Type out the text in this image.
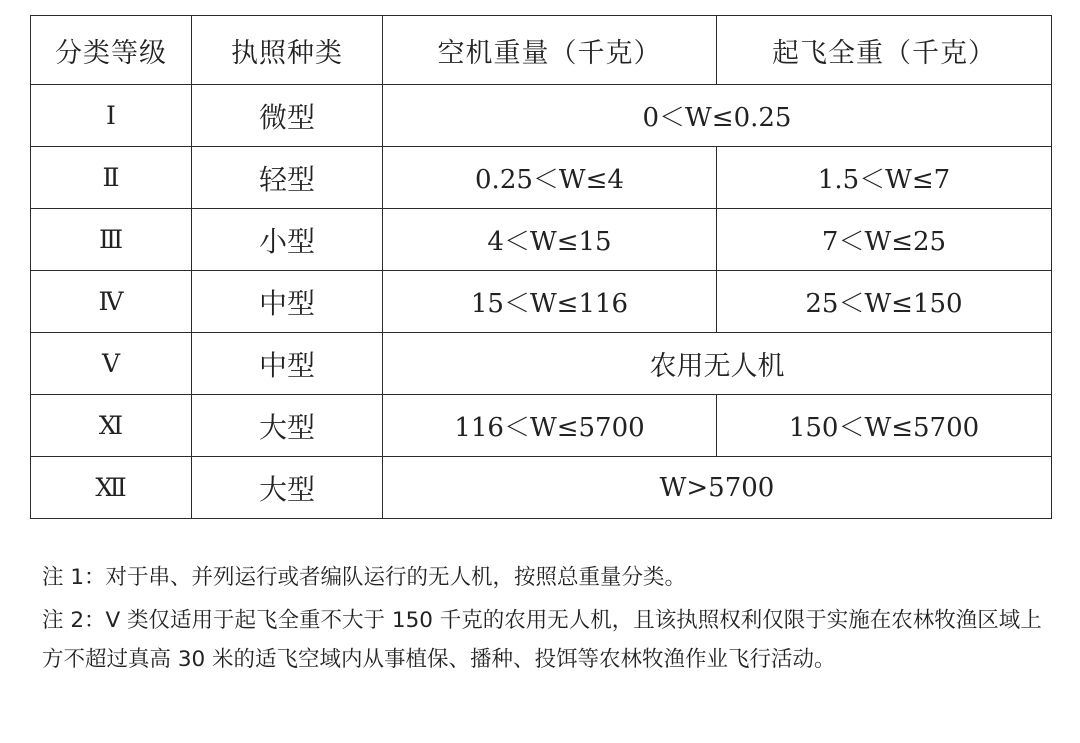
分类等级	执照种类	空机重量（千克）	起飞全重（千克）
Ⅰ	微型	0＜W≤0.25	
Ⅱ	轻型	0.25＜W≤4	1.5＜W≤7
Ⅲ	小型	4＜W≤15	7＜W≤25
Ⅳ	中型	15＜W≤116	25＜W≤150
Ⅴ	中型	农用无人机	
Ⅺ	大型	116＜W≤5700	150＜W≤5700
Ⅻ	大型	W>5700	

注 1：对于串、并列运行或者编队运行的无人机，按照总重量分类。

注 2：V 类仅适用于起飞全重不大于 150 千克的农用无人机，且该执照权利仅限于实施在农林牧渔区域上方不超过真高 30 米的适飞空域内从事植保、播种、投饵等农林牧渔作业飞行活动。
